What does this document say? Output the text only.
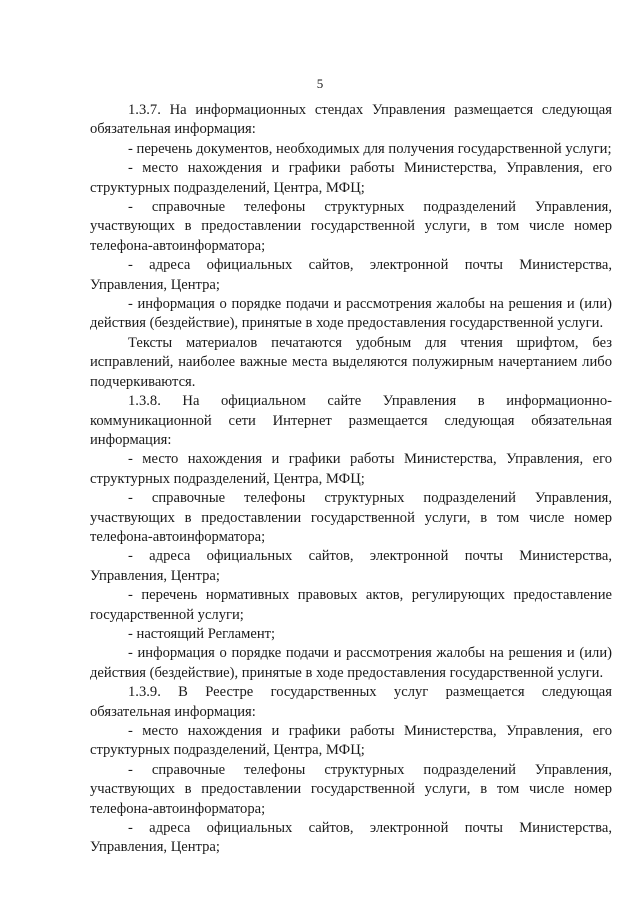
5

1.3.7. На информационных стендах Управления размещается следующая обязательная информация:

- перечень документов, необходимых для получения государственной услуги;

- место нахождения и графики работы Министерства, Управления, его структурных подразделений, Центра, МФЦ;

- справочные телефоны структурных подразделений Управления, участвующих в предоставлении государственной услуги, в том числе номер телефона-автоинформатора;

- адреса официальных сайтов, электронной почты Министерства, Управления, Центра;

- информация о порядке подачи и рассмотрения жалобы на решения и (или) действия (бездействие), принятые в ходе предоставления государственной услуги.

Тексты материалов печатаются удобным для чтения шрифтом, без исправлений, наиболее важные места выделяются полужирным начертанием либо подчеркиваются.

1.3.8. На официальном сайте Управления в информационно-коммуникационной сети Интернет размещается следующая обязательная информация:

- место нахождения и графики работы Министерства, Управления, его структурных подразделений, Центра, МФЦ;

- справочные телефоны структурных подразделений Управления, участвующих в предоставлении государственной услуги, в том числе номер телефона-автоинформатора;

- адреса официальных сайтов, электронной почты Министерства, Управления, Центра;

- перечень нормативных правовых актов, регулирующих предоставление государственной услуги;

- настоящий Регламент;

- информация о порядке подачи и рассмотрения жалобы на решения и (или) действия (бездействие), принятые в ходе предоставления государственной услуги.

1.3.9. В Реестре государственных услуг размещается следующая обязательная информация:

- место нахождения и графики работы Министерства, Управления, его структурных подразделений, Центра, МФЦ;

- справочные телефоны структурных подразделений Управления, участвующих в предоставлении государственной услуги, в том числе номер телефона-автоинформатора;

- адреса официальных сайтов, электронной почты Министерства, Управления, Центра;
